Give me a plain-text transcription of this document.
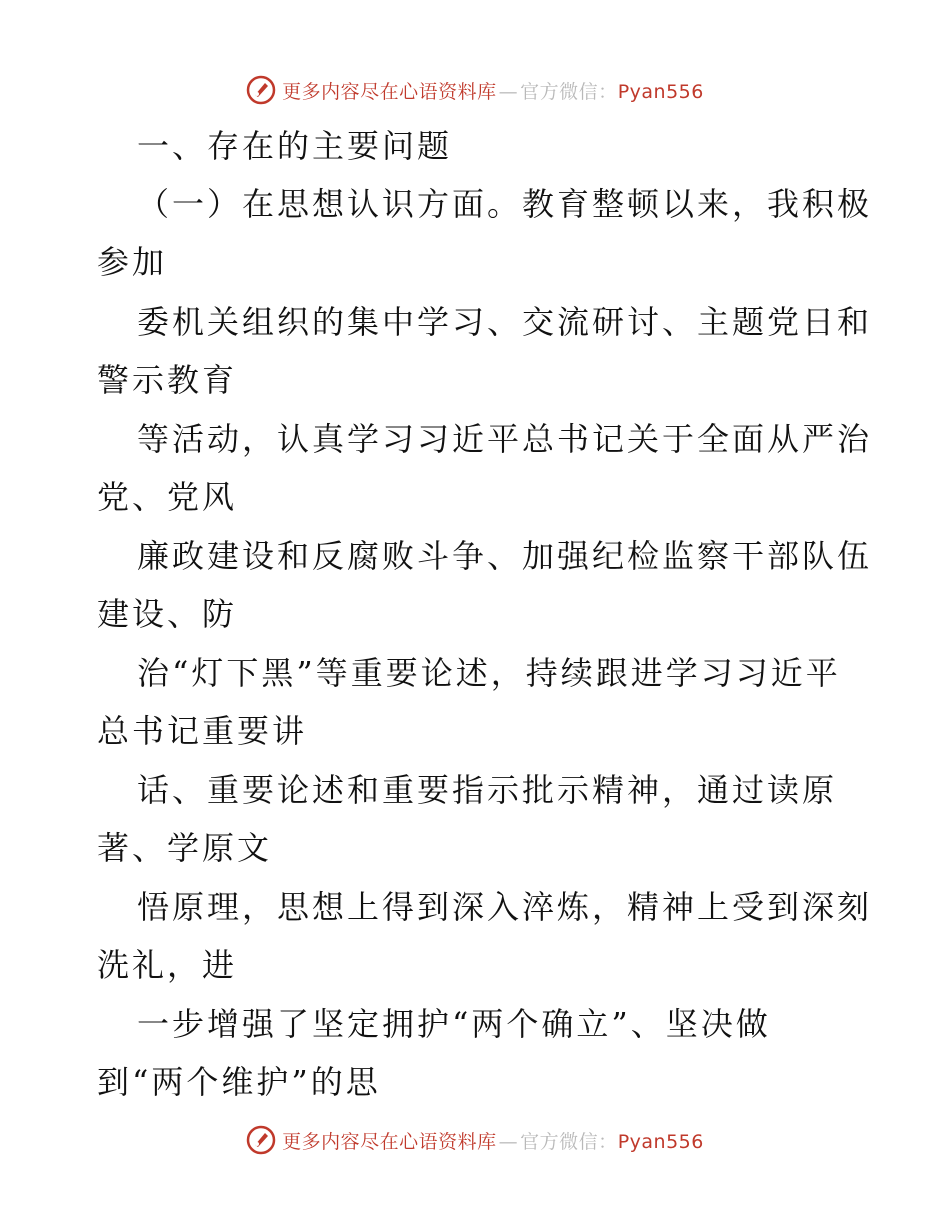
更多内容尽在心语资料库 — 官方微信：Pyan556

一、存在的主要问题

（一）在思想认识方面。教育整顿以来，我积极

参加

委机关组织的集中学习、交流研讨、主题党日和

警示教育

等活动，认真学习习近平总书记关于全面从严治

党、党风

廉政建设和反腐败斗争、加强纪检监察干部队伍

建设、防

治“灯下黑”等重要论述，持续跟进学习习近平

总书记重要讲

话、重要论述和重要指示批示精神，通过读原

著、学原文

悟原理，思想上得到深入淬炼，精神上受到深刻

洗礼，进

一步增强了坚定拥护“两个确立”、坚决做

到“两个维护”的思

更多内容尽在心语资料库 — 官方微信：Pyan556
